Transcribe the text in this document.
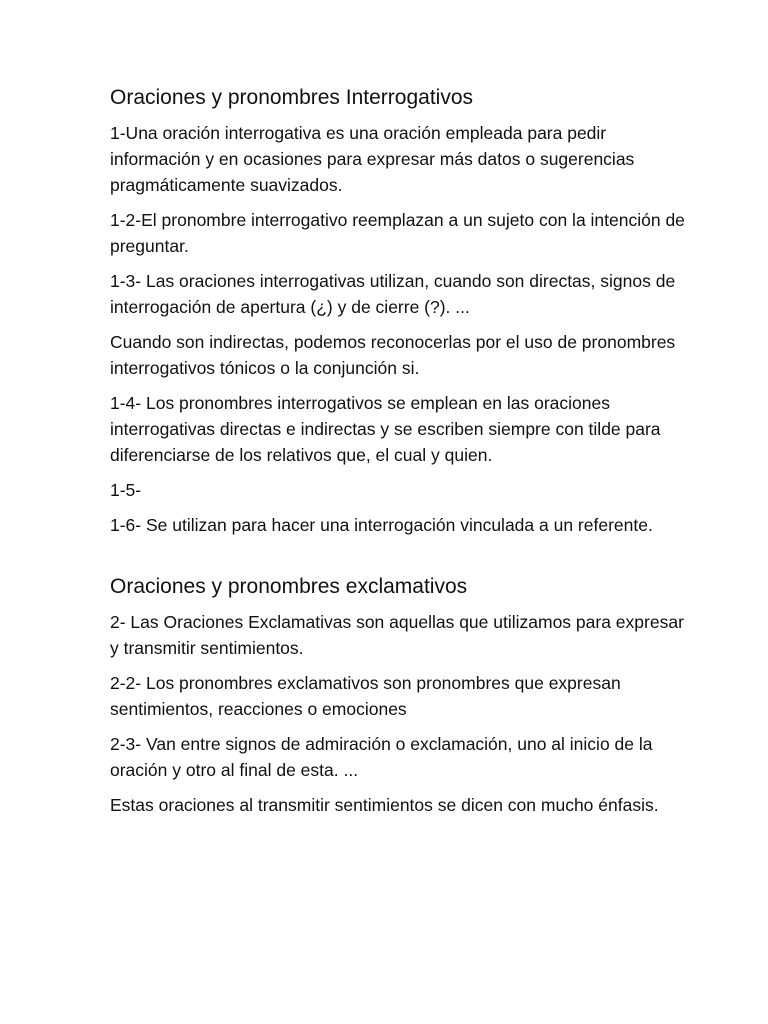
Oraciones y pronombres Interrogativos

1-Una oración interrogativa es una oración empleada para pedir información y en ocasiones para expresar más datos o sugerencias pragmáticamente suavizados.

1-2-El pronombre interrogativo reemplazan a un sujeto con la intención de preguntar.

1-3- Las oraciones interrogativas utilizan, cuando son directas, signos de interrogación de apertura (¿) y de cierre (?). ...

Cuando son indirectas, podemos reconocerlas por el uso de pronombres interrogativos tónicos o la conjunción si.

1-4- Los pronombres interrogativos se emplean en las oraciones interrogativas directas e indirectas y se escriben siempre con tilde para diferenciarse de los relativos que, el cual y quien.

1-5-

1-6- Se utilizan para hacer una interrogación vinculada a un referente.

Oraciones y pronombres exclamativos

2- Las Oraciones Exclamativas son aquellas que utilizamos para expresar y transmitir sentimientos.

2-2- Los pronombres exclamativos son pronombres que expresan sentimientos, reacciones o emociones

2-3- Van entre signos de admiración o exclamación, uno al inicio de la oración y otro al final de esta. ...

Estas oraciones al transmitir sentimientos se dicen con mucho énfasis.
